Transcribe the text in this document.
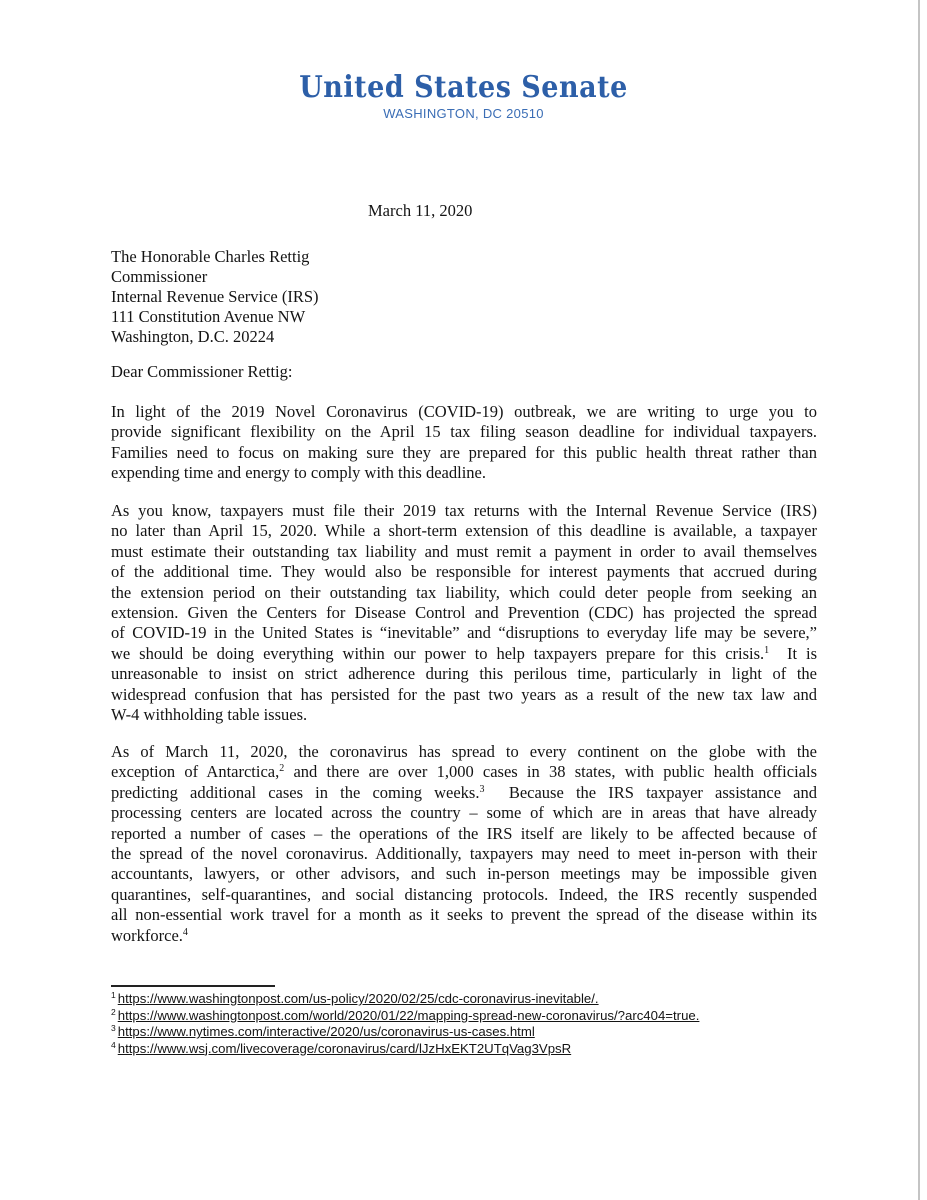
United States Senate
WASHINGTON, DC 20510
March 11, 2020
The Honorable Charles Rettig
Commissioner
Internal Revenue Service (IRS)
111 Constitution Avenue NW
Washington, D.C. 20224
Dear Commissioner Rettig:
In light of the 2019 Novel Coronavirus (COVID-19) outbreak, we are writing to urge you to
provide significant flexibility on the April 15 tax filing season deadline for individual taxpayers.
Families need to focus on making sure they are prepared for this public health threat rather than
expending time and energy to comply with this deadline.
As you know, taxpayers must file their 2019 tax returns with the Internal Revenue Service (IRS)
no later than April 15, 2020. While a short-term extension of this deadline is available, a taxpayer
must estimate their outstanding tax liability and must remit a payment in order to avail themselves
of the additional time. They would also be responsible for interest payments that accrued during
the extension period on their outstanding tax liability, which could deter people from seeking an
extension. Given the Centers for Disease Control and Prevention (CDC) has projected the spread
of COVID-19 in the United States is “inevitable” and “disruptions to everyday life may be severe,”
we should be doing everything within our power to help taxpayers prepare for this crisis.$^1$ It is
unreasonable to insist on strict adherence during this perilous time, particularly in light of the
widespread confusion that has persisted for the past two years as a result of the new tax law and
W-4 withholding table issues.
As of March 11, 2020, the coronavirus has spread to every continent on the globe with the
exception of Antarctica,$^2$ and there are over 1,000 cases in 38 states, with public health officials
predicting additional cases in the coming weeks.$^3$ Because the IRS taxpayer assistance and
processing centers are located across the country – some of which are in areas that have already
reported a number of cases – the operations of the IRS itself are likely to be affected because of
the spread of the novel coronavirus. Additionally, taxpayers may need to meet in-person with their
accountants, lawyers, or other advisors, and such in-person meetings may be impossible given
quarantines, self-quarantines, and social distancing protocols. Indeed, the IRS recently suspended
all non-essential work travel for a month as it seeks to prevent the spread of the disease within its
workforce.$^4$
$^1$ https://www.washingtonpost.com/us-policy/2020/02/25/cdc-coronavirus-inevitable/.
$^2$ https://www.washingtonpost.com/world/2020/01/22/mapping-spread-new-coronavirus/?arc404=true.
$^3$ https://www.nytimes.com/interactive/2020/us/coronavirus-us-cases.html
$^4$ https://www.wsj.com/livecoverage/coronavirus/card/lJzHxEKT2UTqVag3VpsR
